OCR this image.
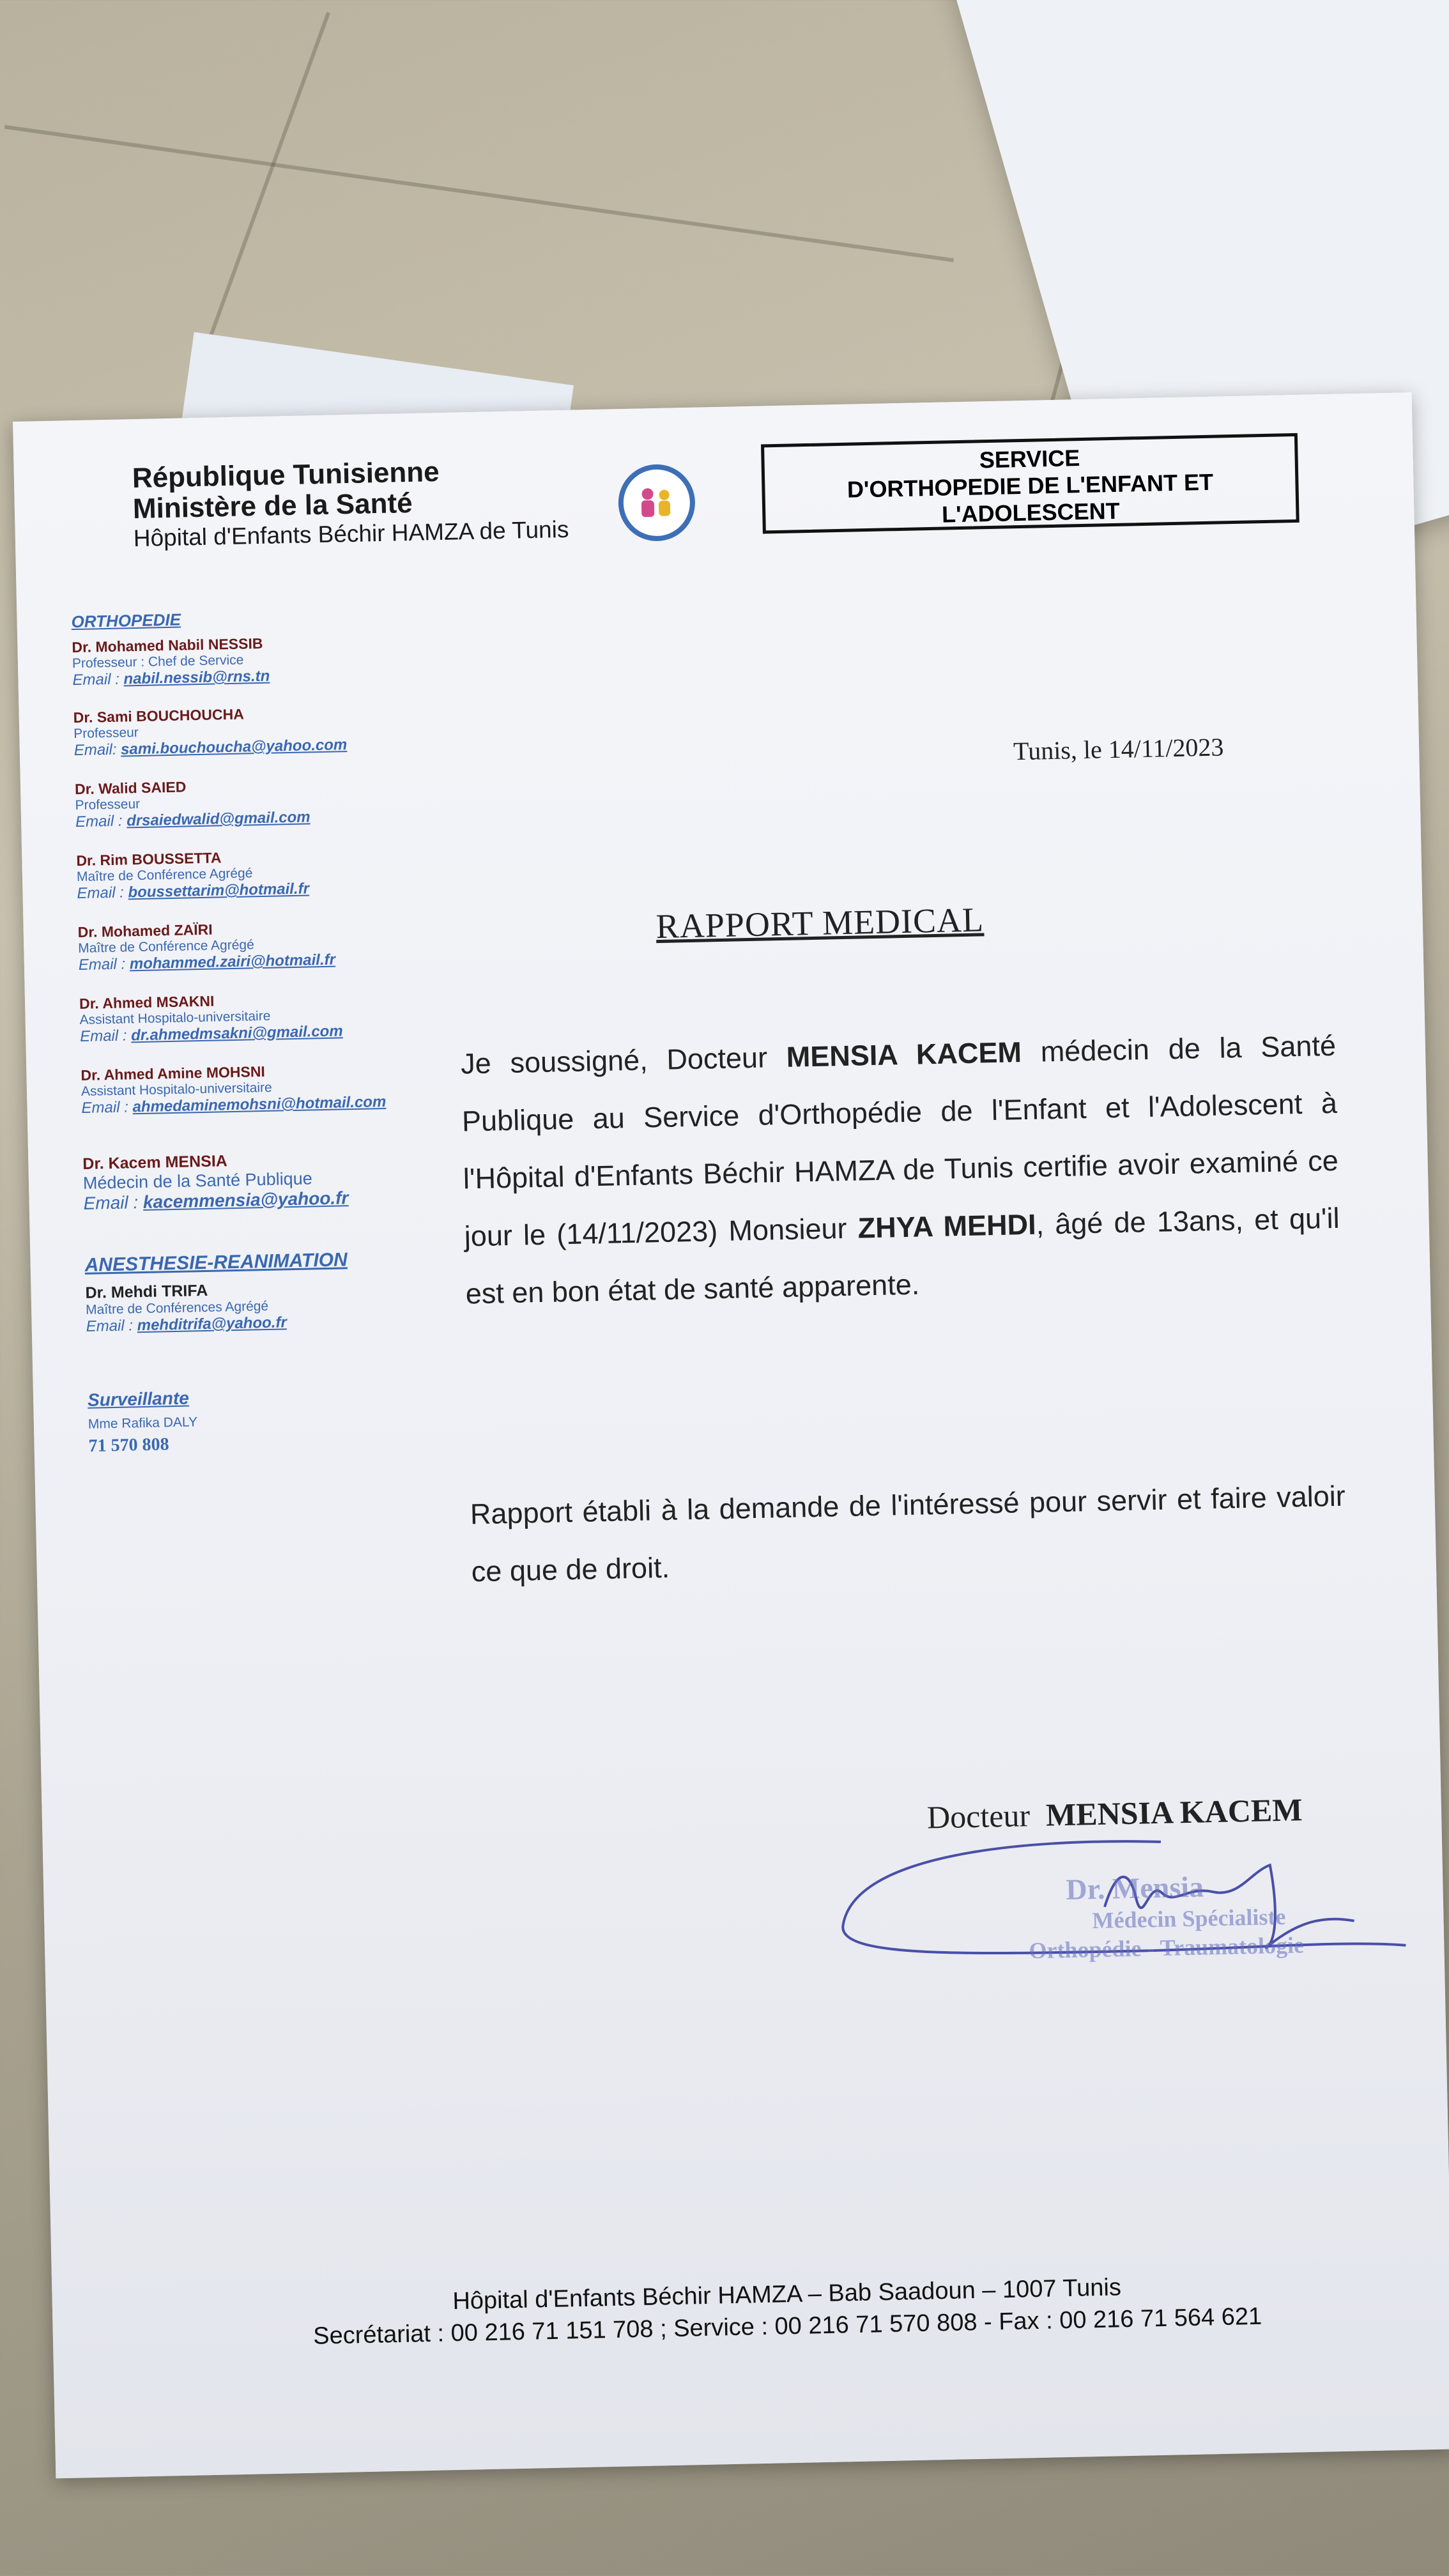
République Tunisienne
Ministère de la Santé
Hôpital d'Enfants Béchir HAMZA de Tunis
SERVICE
D'ORTHOPEDIE DE L'ENFANT ET
L'ADOLESCENT
ORTHOPEDIE
Dr. Mohamed Nabil NESSIB
Professeur : Chef de Service
Email : nabil.nessib@rns.tn
Dr. Sami BOUCHOUCHA
Professeur
Email: sami.bouchoucha@yahoo.com
Dr. Walid SAIED
Professeur
Email : drsaiedwalid@gmail.com
Dr. Rim BOUSSETTA
Maître de Conférence Agrégé
Email : boussettarim@hotmail.fr
Dr. Mohamed ZAÏRI
Maître de Conférence Agrégé
Email : mohammed.zairi@hotmail.fr
Dr. Ahmed MSAKNI
Assistant Hospitalo-universitaire
Email : dr.ahmedmsakni@gmail.com
Dr. Ahmed Amine MOHSNI
Assistant Hospitalo-universitaire
Email : ahmedaminemohsni@hotmail.com
Dr. Kacem MENSIA
Médecin de la Santé Publique
Email : kacemmensia@yahoo.fr
ANESTHESIE-REANIMATION
Dr. Mehdi TRIFA
Maître de Conférences Agrégé
Email : mehditrifa@yahoo.fr
Surveillante
Mme Rafika DALY
71 570 808
Tunis, le 14/11/2023
RAPPORT MEDICAL
Je soussigné, Docteur MENSIA KACEM médecin de la Santé Publique au Service d'Orthopédie de l'Enfant et l'Adolescent à l'Hôpital d'Enfants Béchir HAMZA de Tunis certifie avoir examiné ce jour le (14/11/2023) Monsieur ZHYA MEHDI, âgé de 13ans, et qu'il est en bon état de santé apparente.
Rapport établi à la demande de l'intéressé pour servir et faire valoir ce que de droit.
Docteur MENSIA KACEM
Dr. Mensia
Médecin Spécialiste
Orthopédie - Traumatologie
Hôpital d'Enfants Béchir HAMZA – Bab Saadoun – 1007 Tunis
Secrétariat : 00 216 71 151 708 ; Service : 00 216 71 570 808 - Fax : 00 216 71 564 621
